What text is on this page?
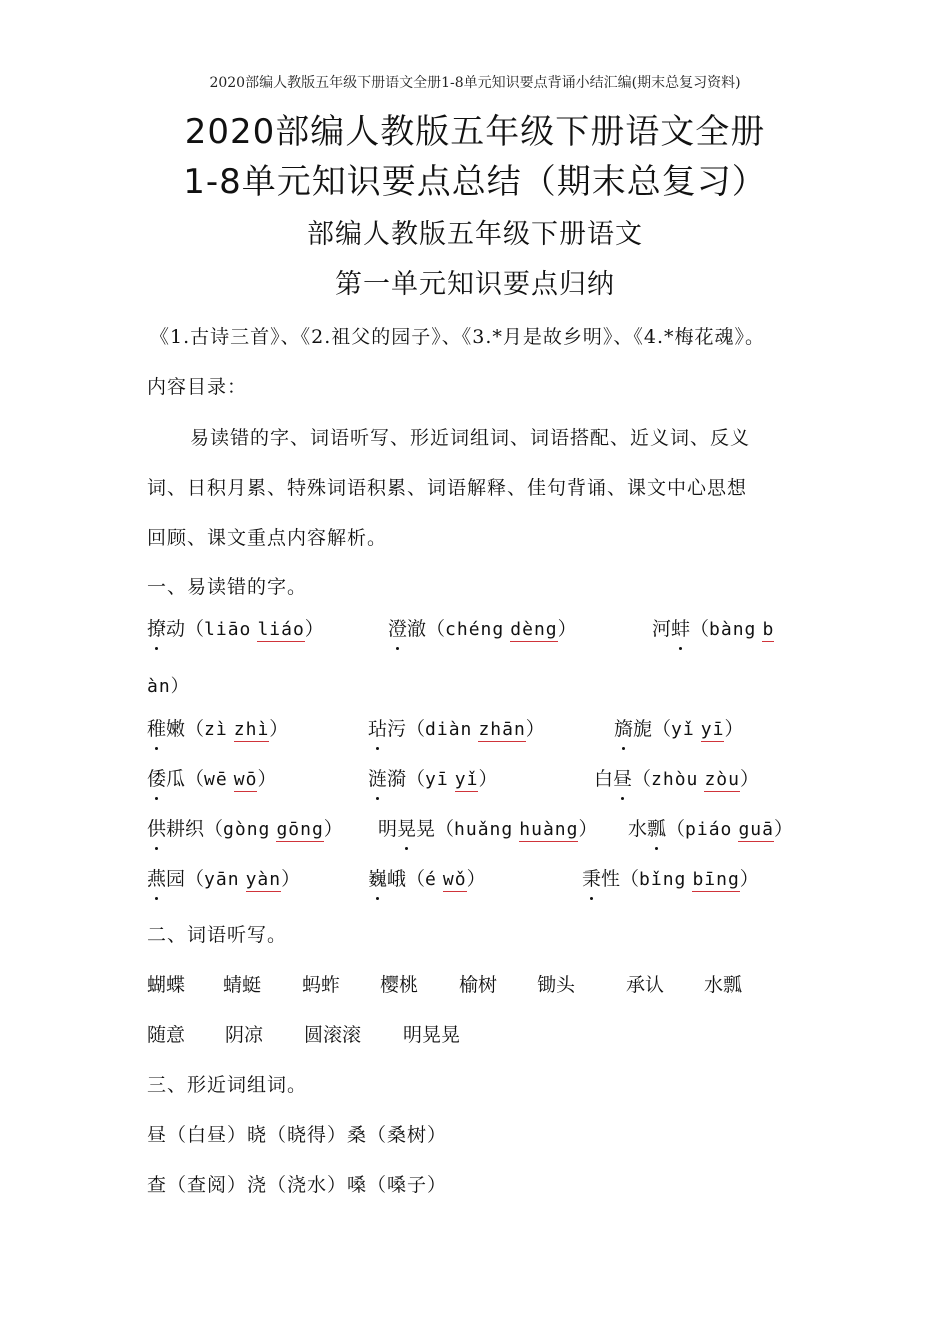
2020部编人教版五年级下册语文全册1-8单元知识要点背诵小结汇编(期末总复习资料)
2020部编人教版五年级下册语文全册
1-8单元知识要点总结（期末总复习）
部编人教版五年级下册语文
第一单元知识要点归纳
《1.古诗三首》、《2.祖父的园子》、《3.*月是故乡明》、《4.*梅花魂》。
内容目录：
易读错的字、词语听写、形近词组词、词语搭配、近义词、反义
词、日积月累、特殊词语积累、词语解释、佳句背诵、课文中心思想
回顾、课文重点内容解析。
一、易读错的字。
撩动（liāo liáo）	澄澈（chéng dèng）	河蚌（bàng b
àn）
稚嫩（zì zhì）	玷污（diàn zhān）	旖旎（yǐ yī）
倭瓜（wē wō）	涟漪（yī yǐ）	白昼（zhòu zòu）
供耕织（gòng gōng） 明晃晃（huǎng huàng） 水瓢（piáo guā）
燕园（yān yàn）	巍峨（é wǒ）	秉性（bǐng bīng）
二、词语听写。
蝴蝶 蜻蜓 蚂蚱 樱桃 榆树 锄头	承认 水瓢
随意 阴凉 圆滚滚 明晃晃
三、形近词组词。
昼（白昼）晓（晓得）桑（桑树）
查（查阅）浇（浇水）嗓（嗓子）
